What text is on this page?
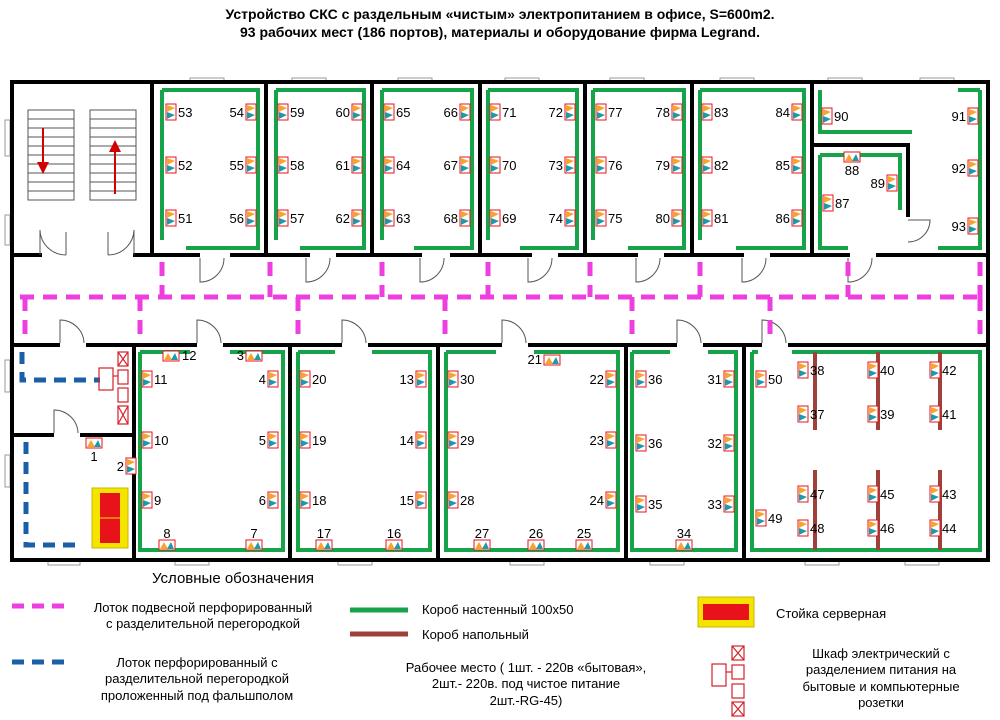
Устройство СКС с раздельным «чистым» электропитанием в офисе, S=600m2.
93 рабочих мест (186 портов), материалы и оборудование фирма Legrand.
1
2
3
4
5
6
7
8
9
10
11
12
13
14
15
16
17
18
19
20
21
22
23
24
25
26
27
28
29
30	31
32
33
34
35
36
36
37
38
39
40
41
42
43
44
45
46
47
48
49
50
51
52
53	54
55
56	57
58
59 60
61
62	63
64
65	66
67
68	69
70
71 72
73
74	75
76
77	78
79
80	81
82
83	84
85
86
87
88
89
90	91
92
93
Условные обозначения
Лоток подвесной перфорированный
с разделительной перегородкой
Лоток перфорированный с
разделительной перегородкой
проложенный под фальшполом
Короб настенный 100х50
Короб напольный
Рабочее место ( 1шт. - 220в «бытовая»,
2шт.- 220в. под чистое питание
2шт.-RG-45)
Стойка серверная
Шкаф электрический с
разделением питания на
бытовые и компьютерные
розетки
